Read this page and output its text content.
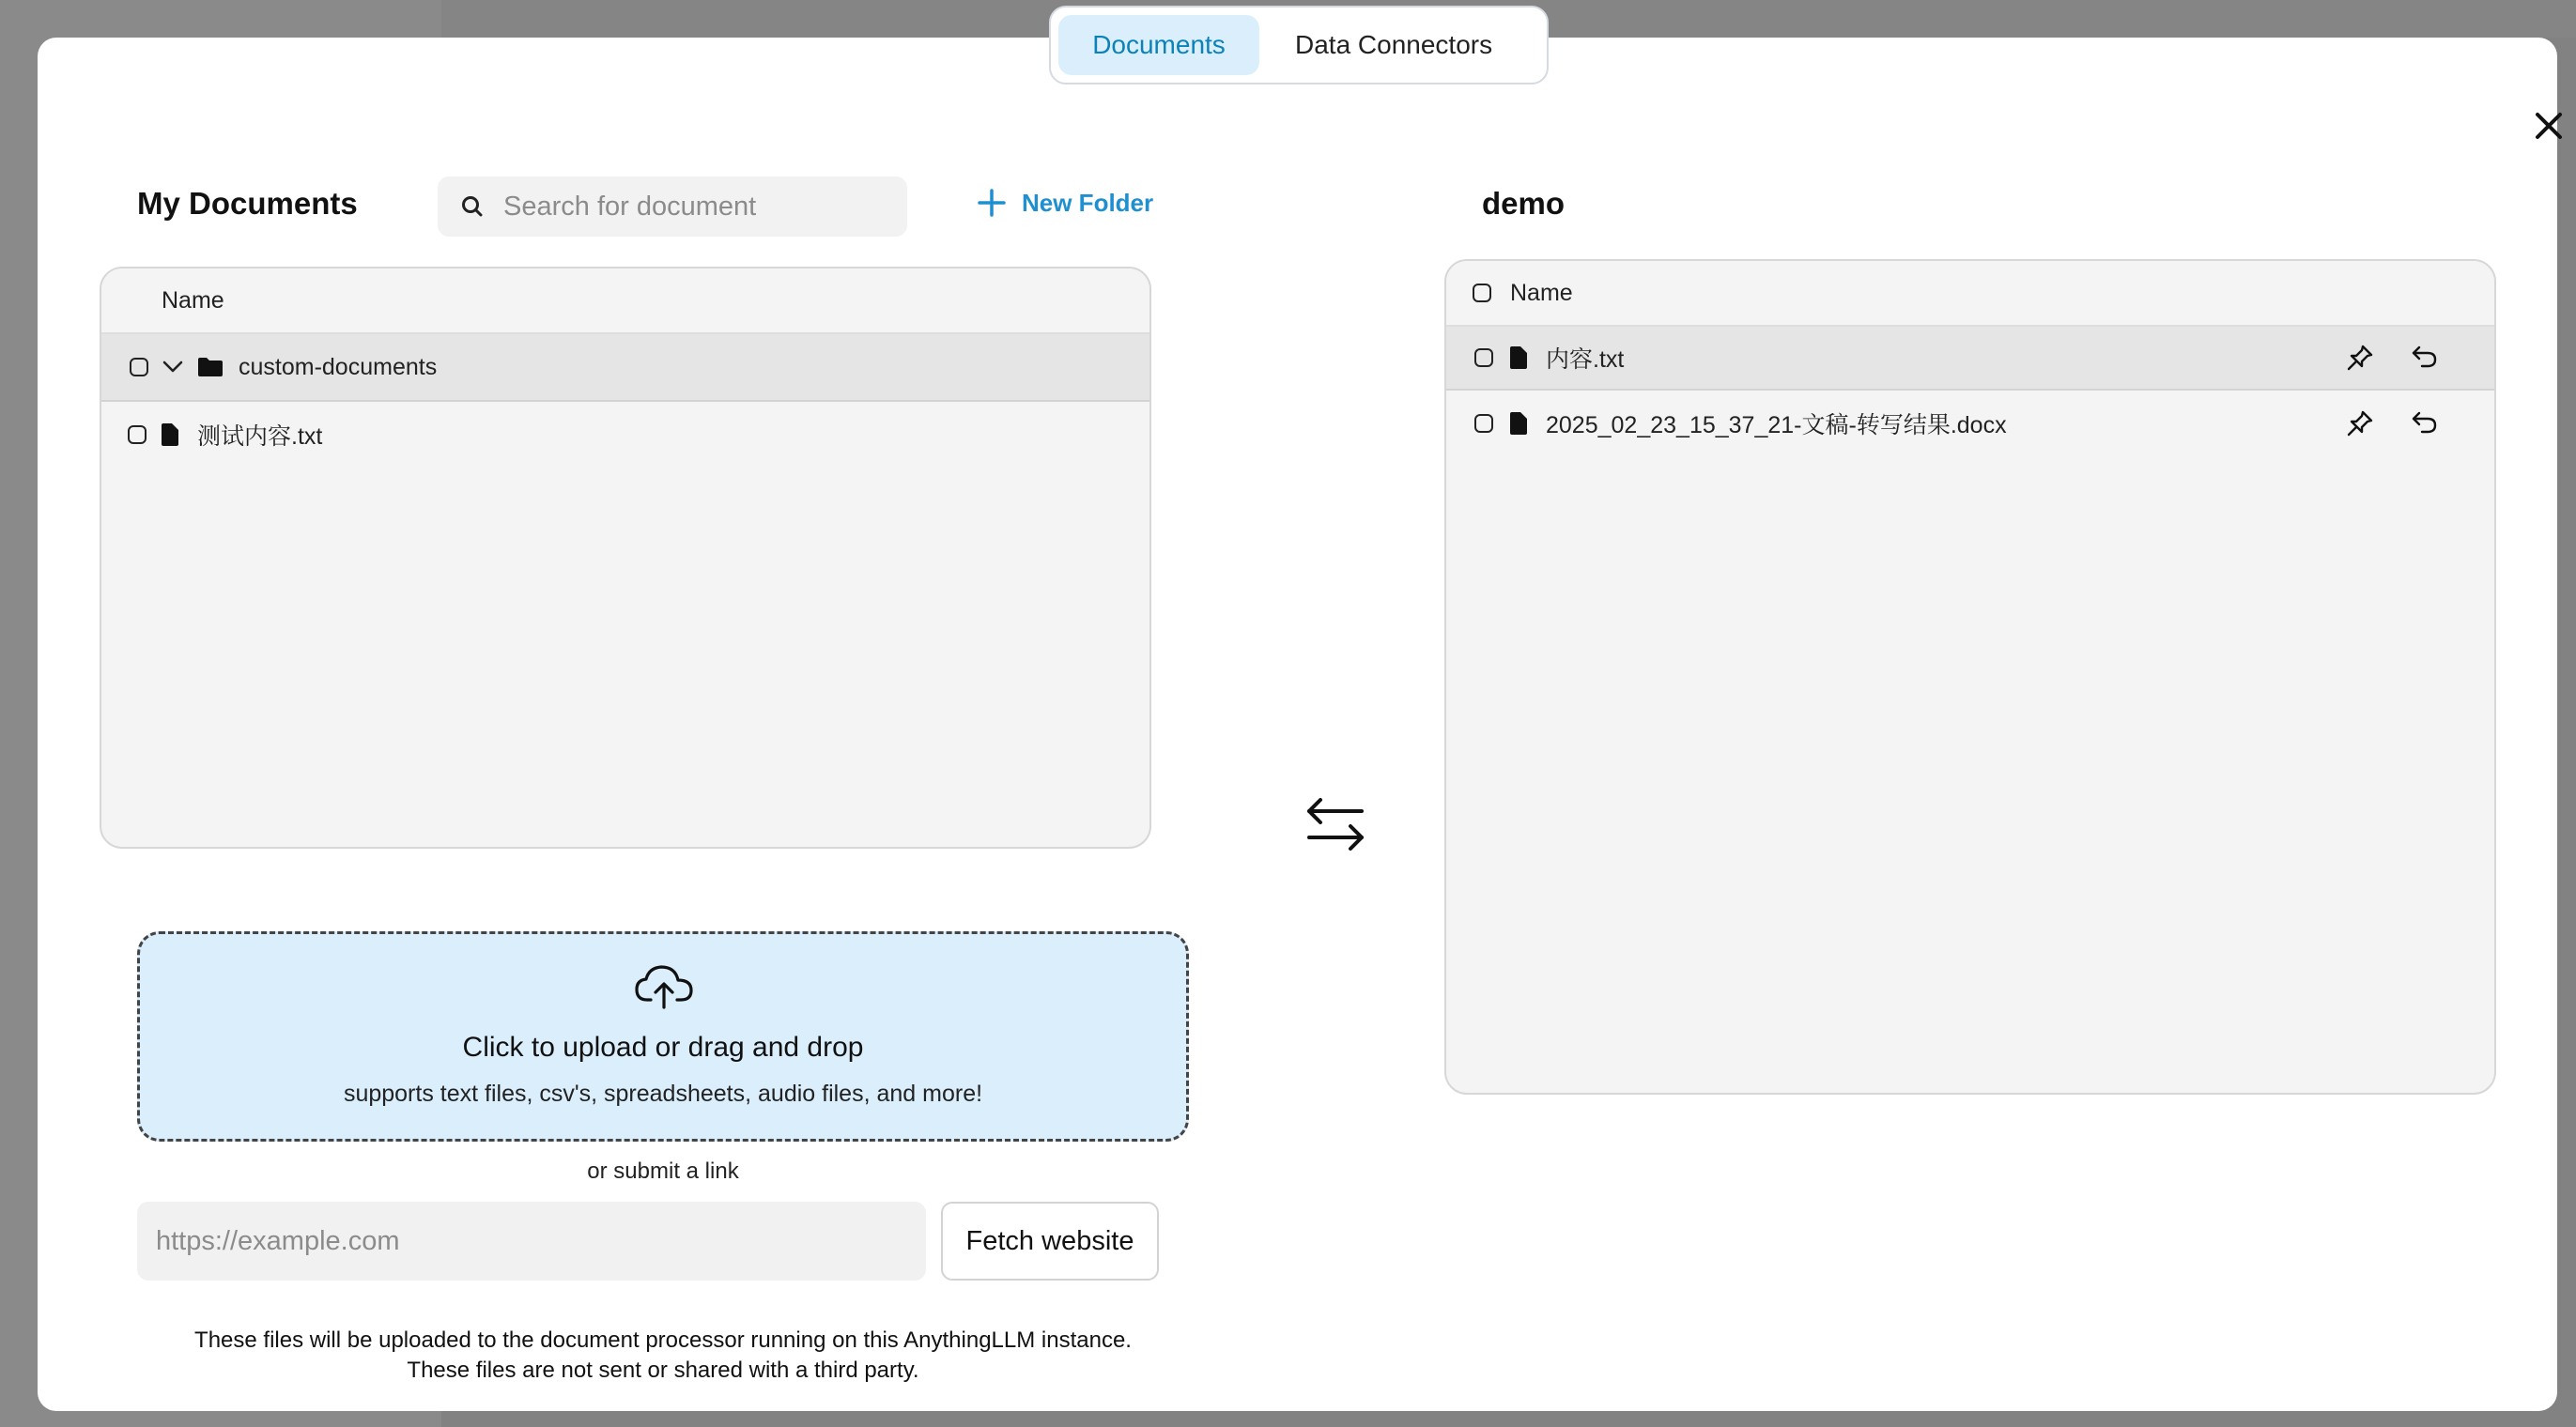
My Documents
Search for document	New Folder
Name
custom-documents
测试内容.txt
Click to upload or drag and drop
supports text files, csv's, spreadsheets, audio files, and more!
or submit a link
https://example.com
Fetch website
These files will be uploaded to the document processor running on this AnythingLLM instance.
These files are not sent or shared with a third party.
demo
Name
内容.txt
2025_02_23_15_37_21-文稿-转写结果.docx
Documents	Data Connectors
